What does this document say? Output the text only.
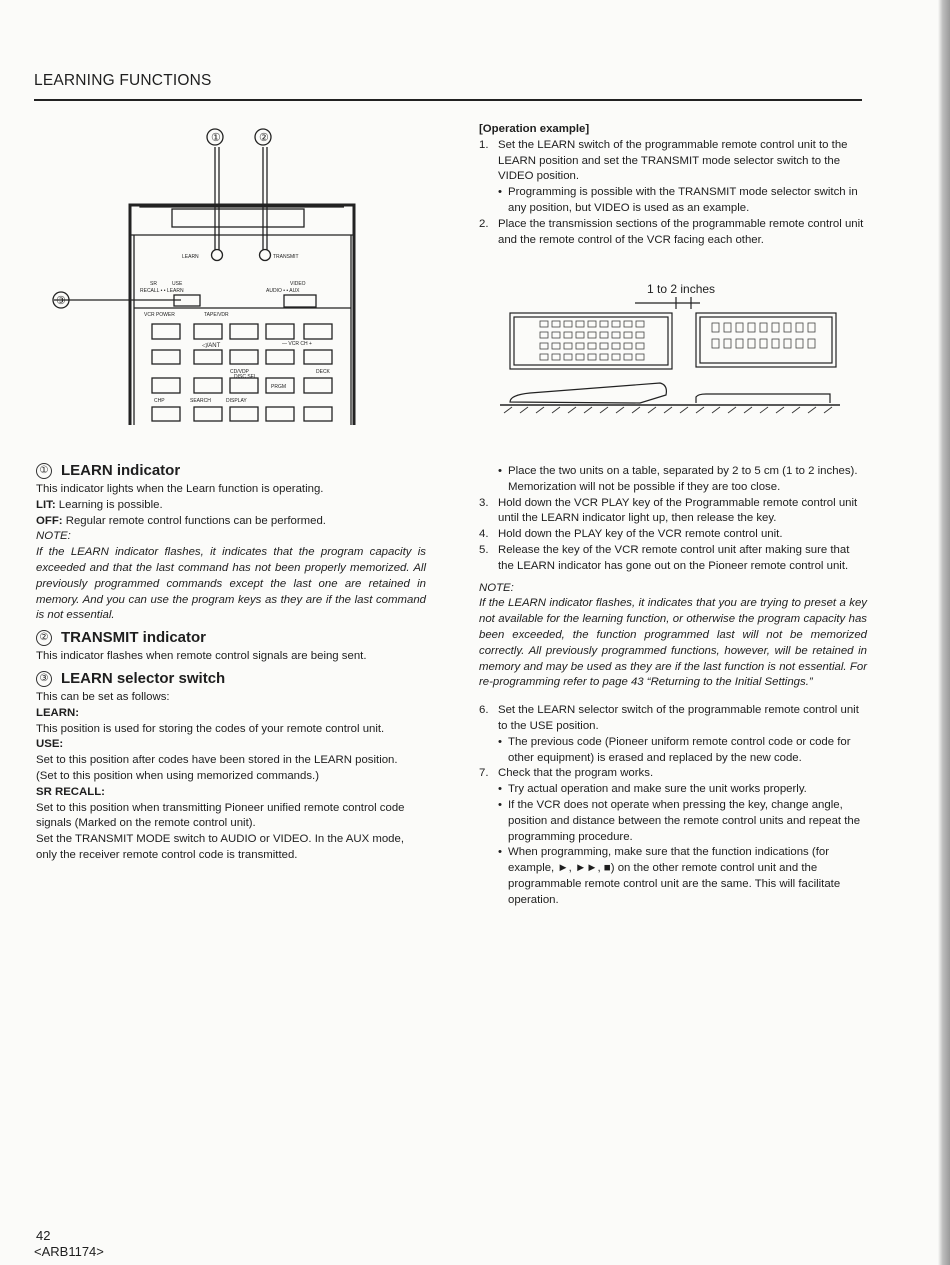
LEARNING FUNCTIONS
①	②
③
LEARN	TRANSMIT
SR	USE	VIDEO
RECALL • • LEARN	AUDIO • • AUX
VCR POWER	TAPE/VDR
— VCR CH +
◁/ANT
CD/VDP	DECK
DISC SEL
PRGM
CHP	SEARCH	DISPLAY
① LEARN indicator
This indicator lights when the Learn function is operating.
LIT: Learning is possible.
OFF: Regular remote control functions can be performed.
NOTE:
If the LEARN indicator flashes, it indicates that the program capacity is exceeded and that the last command has not been properly memorized. All previously programmed commands except the last one are retained in memory. And you can use the program keys as they are if the last command is not essential.
② TRANSMIT indicator
This indicator flashes when remote control signals are being sent.
③ LEARN selector switch
This can be set as follows:
LEARN:
This position is used for storing the codes of your remote control unit.
USE:
Set to this position after codes have been stored in the LEARN position.
(Set to this position when using memorized commands.)
SR RECALL:
Set to this position when transmitting Pioneer unified remote control code signals (Marked on the remote control unit).
Set the TRANSMIT MODE switch to AUDIO or VIDEO. In the AUX mode, only the receiver remote control code is transmitted.
[Operation example]
1. Set the LEARN switch of the programmable remote control unit to the LEARN position and set the TRANSMIT mode selector switch to the VIDEO position.
• Programming is possible with the TRANSMIT mode selector switch in any position, but VIDEO is used as an example.
2. Place the transmission sections of the programmable remote control unit and the remote control of the VCR facing each other.
1 to 2 inches
• Place the two units on a table, separated by 2 to 5 cm (1 to 2 inches).
Memorization will not be possible if they are too close.
3. Hold down the VCR PLAY key of the Programmable remote control unit until the LEARN indicator light up, then release the key.
4. Hold down the PLAY key of the VCR remote control unit.
5. Release the key of the VCR remote control unit after making sure that the LEARN indicator has gone out on the Pioneer remote control unit.
NOTE:
If the LEARN indicator flashes, it indicates that you are trying to preset a key not available for the learning function, or otherwise the program capacity has been exceeded, the function programmed last will not be memorized correctly. All previously programmed functions, however, will be retained in memory and may be used as they are if the last function is not essential. For re-programming refer to page 43 “Returning to the Initial Settings.”
6. Set the LEARN selector switch of the programmable remote control unit to the USE position.
• The previous code (Pioneer uniform remote control code or code for other equipment) is erased and replaced by the new code.
7. Check that the program works.
• Try actual operation and make sure the unit works properly.
• If the VCR does not operate when pressing the key, change angle, position and distance between the remote control units and repeat the programming procedure.
• When programming, make sure that the function indications (for example, ►, ►►, ■) on the other remote control unit and the programmable remote control unit are the same. This will facilitate operation.
42
<ARB1174>
